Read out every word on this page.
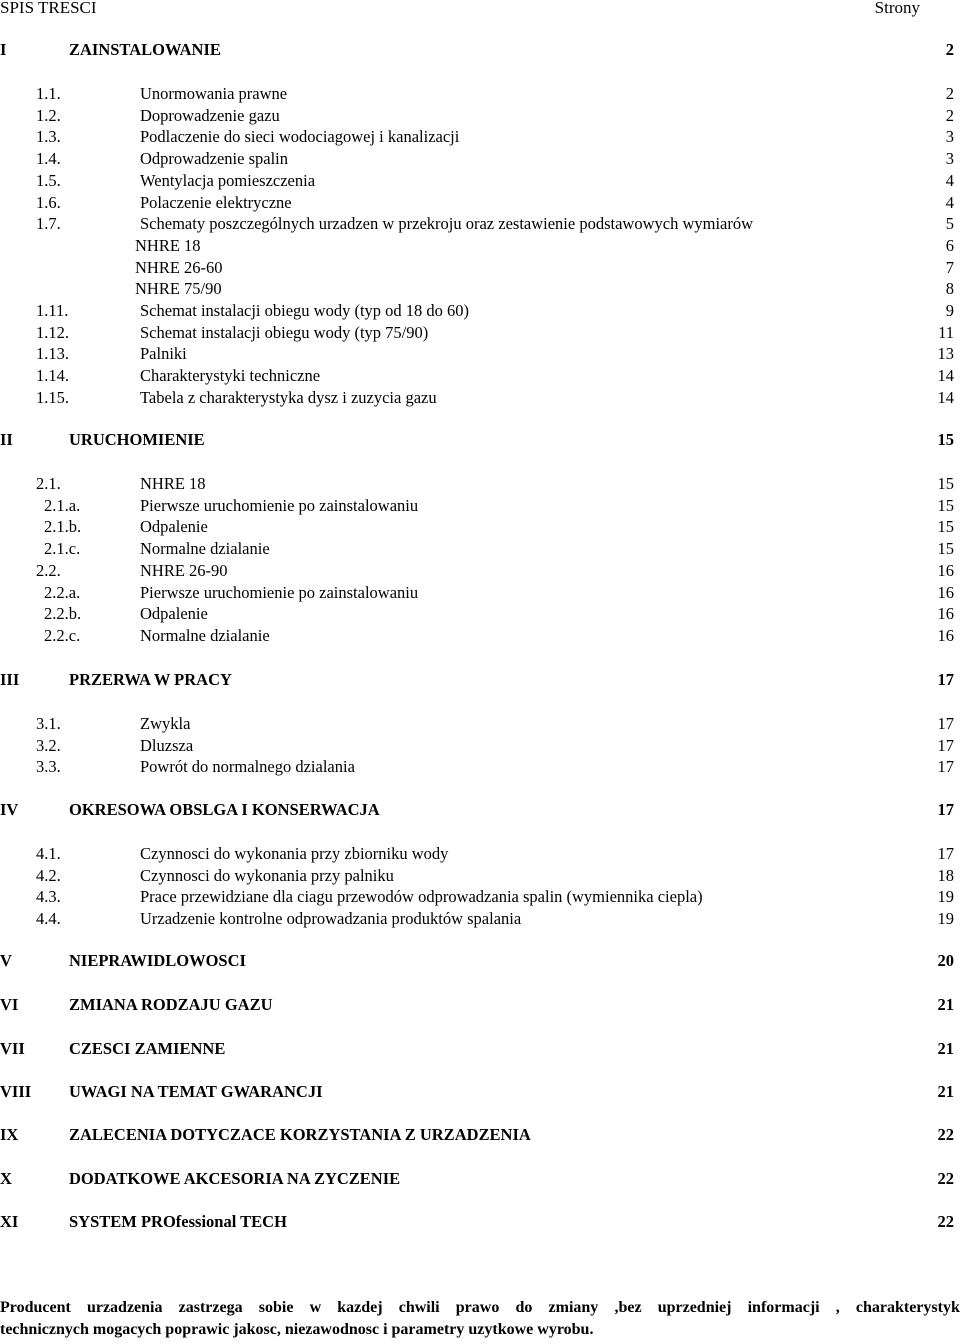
SPIS TRESCI	Strony
I	ZAINSTALOWANIE	2
1.1.	Unormowania prawne	2
1.2.	Doprowadzenie gazu	2
1.3.	Podlaczenie do sieci wodociagowej i kanalizacji	3
1.4.	Odprowadzenie spalin	3
1.5.	Wentylacja pomieszczenia	4
1.6.	Polaczenie elektryczne	4
1.7.	Schematy poszczególnych urzadzen w przekroju oraz zestawienie podstawowych wymiarów	5
NHRE 18	6
NHRE 26-60	7
NHRE 75/90	8
1.11.	Schemat instalacji obiegu wody (typ od 18 do 60)	9
1.12.	Schemat instalacji obiegu wody (typ 75/90)	11
1.13.	Palniki	13
1.14.	Charakterystyki techniczne	14
1.15.	Tabela z charakterystyka dysz i zuzycia gazu	14
II	URUCHOMIENIE	15
2.1.	NHRE 18	15
2.1.a.	Pierwsze uruchomienie po zainstalowaniu	15
2.1.b.	Odpalenie	15
2.1.c.	Normalne dzialanie	15
2.2.	NHRE 26-90	16
2.2.a.	Pierwsze uruchomienie po zainstalowaniu	16
2.2.b.	Odpalenie	16
2.2.c.	Normalne dzialanie	16
III	PRZERWA W PRACY	17
3.1.	Zwykla	17
3.2.	Dluzsza	17
3.3.	Powrót do normalnego dzialania	17
IV	OKRESOWA OBSLGA I KONSERWACJA	17
4.1.	Czynnosci do wykonania przy zbiorniku wody	17
4.2.	Czynnosci do wykonania przy palniku	18
4.3.	Prace przewidziane dla ciagu przewodów odprowadzania spalin (wymiennika ciepla)	19
4.4.	Urzadzenie kontrolne odprowadzania produktów spalania	19
V	NIEPRAWIDLOWOSCI	20
VI	ZMIANA RODZAJU GAZU	21
VII	CZESCI ZAMIENNE	21
VIII UWAGI NA TEMAT GWARANCJI	21
IX	ZALECENIA DOTYCZACE KORZYSTANIA Z URZADZENIA	22
X	DODATKOWE AKCESORIA NA ZYCZENIE	22
XI	SYSTEM PROfessional TECH	22

Producent urzadzenia zastrzega sobie w kazdej chwili prawo do zmiany ,bez uprzedniej informacji , charakterystyk

technicznych mogacych poprawic jakosc, niezawodnosc i parametry uzytkowe wyrobu.
